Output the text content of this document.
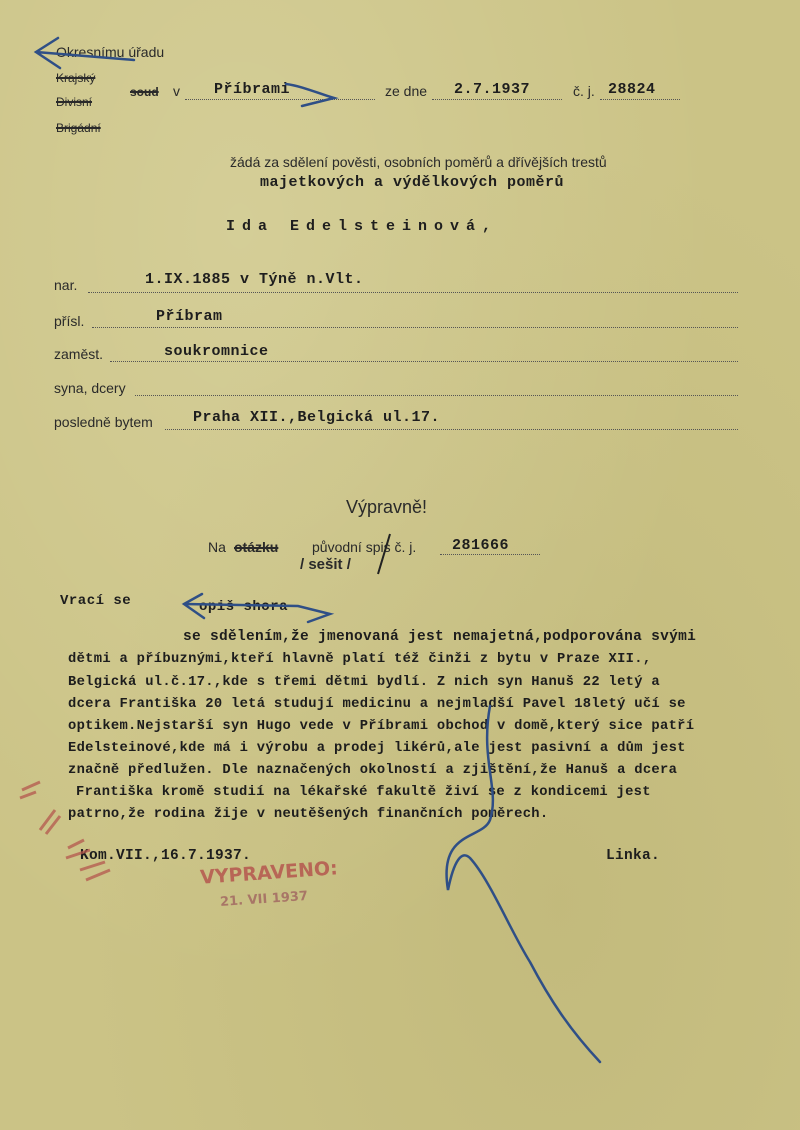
Okresnímu úřadu
Krajský
Divisní
Brigádní
soud v Příbrami	ze dne 2.7.1937	č. j. 28824
žádá za sdělení pověsti, osobních poměrů a dřívějších trestů
majetkových a výdělkových poměrů
Ida Edelsteinová,
nar.	1.IX.1885 v Týně n.Vlt.
přísl.	Příbram
zaměst.	soukromnice
syna, dcery
posledně bytem	Praha XII.,Belgická ul.17.
Výpravně!
Na otázku původní spis č. j. 281666
/ sešit /
Vrací se	opiš shora
se sdělením,že jmenovaná jest nemajetná,podporována svými
dětmi a příbuznými,kteří hlavně platí též činži z bytu v Praze XII.,
Belgická ul.č.17.,kde s třemi dětmi bydlí. Z nich syn Hanuš 22 letý a
dcera Františka 20 letá studují medicinu a nejmladší Pavel 18letý učí se
optikem.Nejstarší syn Hugo vede v Příbrami obchod v domě,který sice patří
Edelsteinové,kde má i výrobu a prodej likérů,ale jest pasivní a dům jest
značně předlužen. Dle naznačených okolností a zjištění,že Hanuš a dcera
Františka kromě studií na lékařské fakultě živí se z kondicemi jest
patrno,že rodina žije v neutěšených finančních poměrech.
Kom.VII.,16.7.1937.	Linka.
VYPRAVENO:
21. VII 1937
